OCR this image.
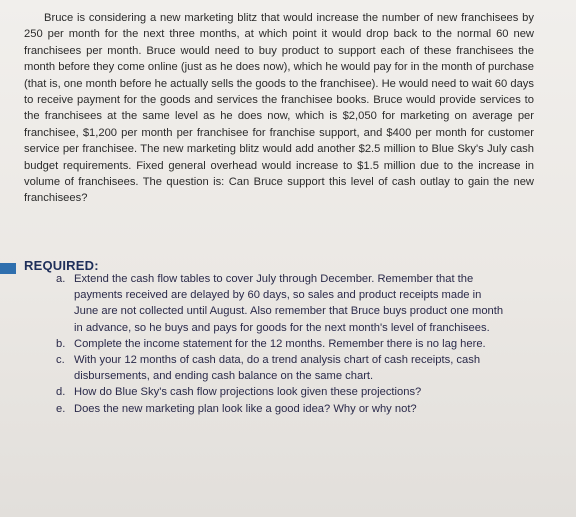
Bruce is considering a new marketing blitz that would increase the number of new franchisees by 250 per month for the next three months, at which point it would drop back to the normal 60 new franchisees per month. Bruce would need to buy product to support each of these franchisees the month before they come online (just as he does now), which he would pay for in the month of purchase (that is, one month before he actually sells the goods to the franchisee). He would need to wait 60 days to receive payment for the goods and services the franchisee books. Bruce would provide services to the franchisees at the same level as he does now, which is $2,050 for marketing on average per franchisee, $1,200 per month per franchisee for franchise support, and $400 per month for customer service per franchisee. The new marketing blitz would add another $2.5 million to Blue Sky's July cash budget requirements. Fixed general overhead would increase to $1.5 million due to the increase in volume of franchisees. The question is: Can Bruce support this level of cash outlay to gain the new franchisees?

REQUIRED:
a. Extend the cash flow tables to cover July through December. Remember that the payments received are delayed by 60 days, so sales and product receipts made in June are not collected until August. Also remember that Bruce buys product one month in advance, so he buys and pays for goods for the next month's level of franchisees.
b. Complete the income statement for the 12 months. Remember there is no lag here.
c. With your 12 months of cash data, do a trend analysis chart of cash receipts, cash disbursements, and ending cash balance on the same chart.
d. How do Blue Sky's cash flow projections look given these projections?
e. Does the new marketing plan look like a good idea? Why or why not?
